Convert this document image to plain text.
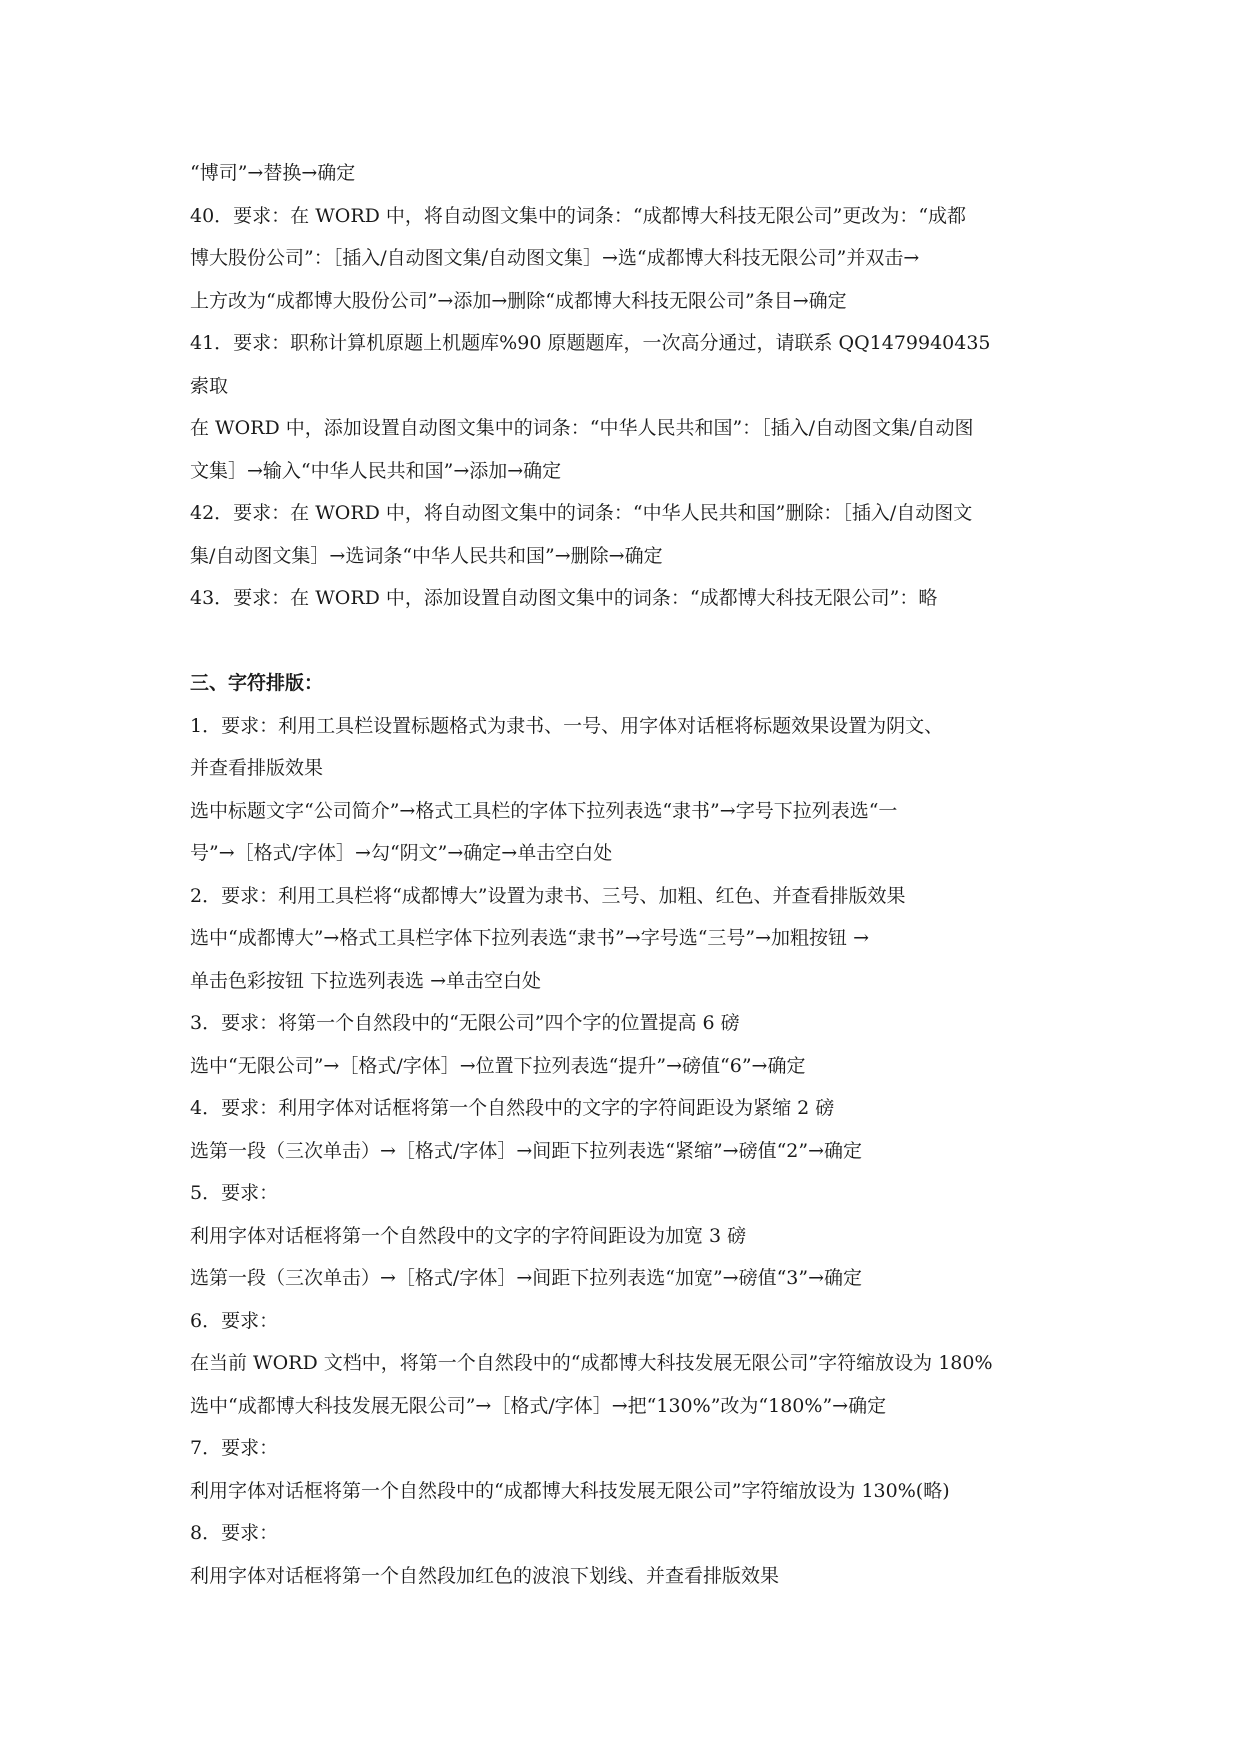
“博司”→替换→确定
40．要求：在 WORD 中，将自动图文集中的词条：“成都博大科技无限公司”更改为：“成都
博大股份公司”：［插入/自动图文集/自动图文集］→选“成都博大科技无限公司”并双击→
上方改为“成都博大股份公司”→添加→删除“成都博大科技无限公司”条目→确定
41．要求：职称计算机原题上机题库%90 原题题库，一次高分通过，请联系 QQ1479940435
索取
在 WORD 中，添加设置自动图文集中的词条：“中华人民共和国”：［插入/自动图文集/自动图
文集］→输入“中华人民共和国”→添加→确定
42．要求：在 WORD 中，将自动图文集中的词条：“中华人民共和国”删除：［插入/自动图文
集/自动图文集］→选词条“中华人民共和国”→删除→确定
43．要求：在 WORD 中，添加设置自动图文集中的词条：“成都博大科技无限公司”：略
三、字符排版：
1．要求：利用工具栏设置标题格式为隶书、一号、用字体对话框将标题效果设置为阴文、
并查看排版效果
选中标题文字“公司简介”→格式工具栏的字体下拉列表选“隶书”→字号下拉列表选“一
号”→［格式/字体］→勾“阴文”→确定→单击空白处
2．要求：利用工具栏将“成都博大”设置为隶书、三号、加粗、红色、并查看排版效果
选中“成都博大”→格式工具栏字体下拉列表选“隶书”→字号选“三号”→加粗按钮 →
单击色彩按钮 下拉选列表选 →单击空白处
3．要求：将第一个自然段中的“无限公司”四个字的位置提高 6 磅
选中“无限公司”→［格式/字体］→位置下拉列表选“提升”→磅值“6”→确定
4．要求：利用字体对话框将第一个自然段中的文字的字符间距设为紧缩 2 磅
选第一段（三次单击）→［格式/字体］→间距下拉列表选“紧缩”→磅值“2”→确定
5．要求：
利用字体对话框将第一个自然段中的文字的字符间距设为加宽 3 磅
选第一段（三次单击）→［格式/字体］→间距下拉列表选“加宽”→磅值“3”→确定
6．要求：
在当前 WORD 文档中，将第一个自然段中的“成都博大科技发展无限公司”字符缩放设为 180%
选中“成都博大科技发展无限公司”→［格式/字体］→把“130%”改为“180%”→确定
7．要求：
利用字体对话框将第一个自然段中的“成都博大科技发展无限公司”字符缩放设为 130%(略)
8．要求：
利用字体对话框将第一个自然段加红色的波浪下划线、并查看排版效果
